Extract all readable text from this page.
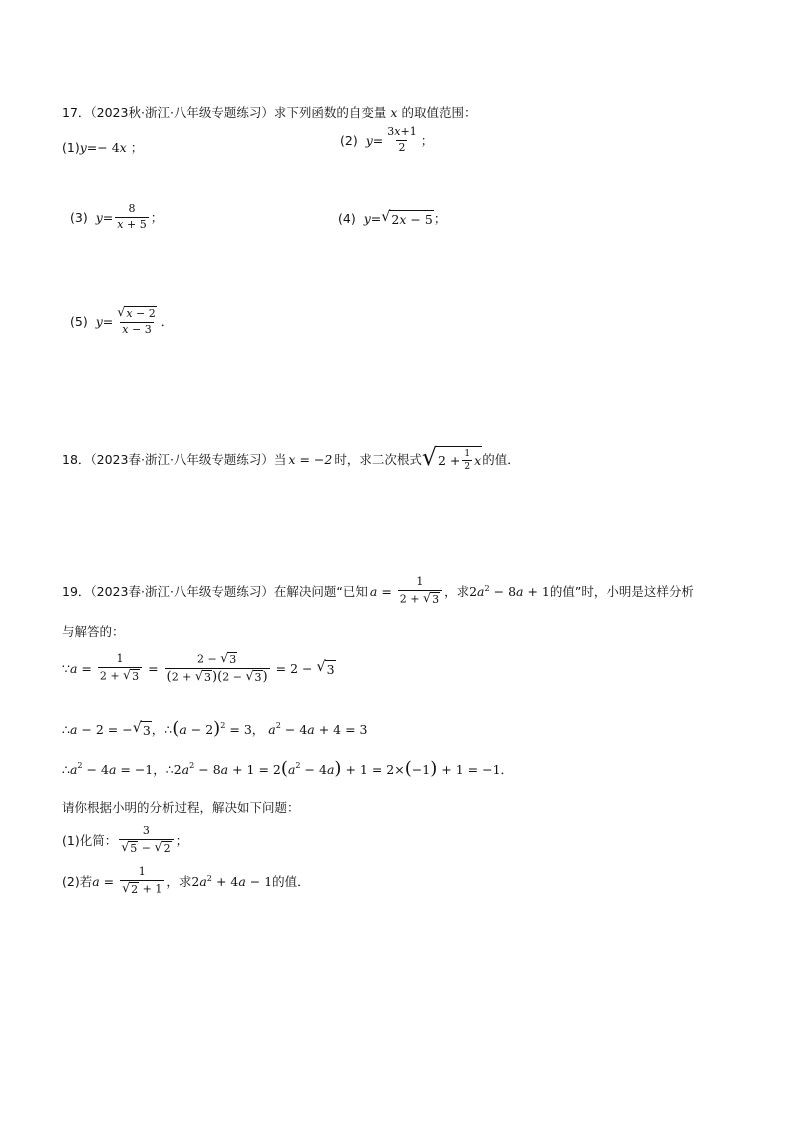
17．（2023秋·浙江·八年级专题练习）求下列函数的自变量 x 的取值范围：
(1) y =− 4 x ；	(2) $y = \frac{3x+1}{2}$ ；
(3) $y = \frac{8}{x + 5}$ ；	(4) y = √ 2x − 5 ；
(5) $y = \frac{√ x - 2}{x - 3}$ ．
18．（2023春·浙江·八年级专题练习）当 x = −2 时，求二次根式 √ $2 + \frac{1}{2}$ x 的值．
19．（2023春·浙江·八年级专题练习）在解决问题“已知 $a = \frac{1}{2 + √ 3}$ ，求 $2a^2 - 8a + 1$ 的值”时，小明是这样分析
与解答的：
∵ $a = \frac{1}{2 + √ 3} = \frac{2 - √ 3}{(2 + √ 3 )(2 - √ 3 )} = 2$ − √ 3
∴ a − 2 = − √ 3 ，∴ ( a − 2 )$^2$ = 3 ， $a^2 - 4$ a + 4 = 3
∴ $a^2 - 4$ a = −1 ，∴ 2 $a^2 - 8$ a + 1 = 2 ( $a^2 - 4$ a ) + 1 = 2× ( −1 ) + 1 = −1 ．
请你根据小明的分析过程，解决如下问题：
(1)化简： $\frac{3}{√ 5 - √ 2}$ ；
(2)若 $a = \frac{1}{√ 2 + 1}$ ，求 $2a^2 + 4a - 1$ 的值．
